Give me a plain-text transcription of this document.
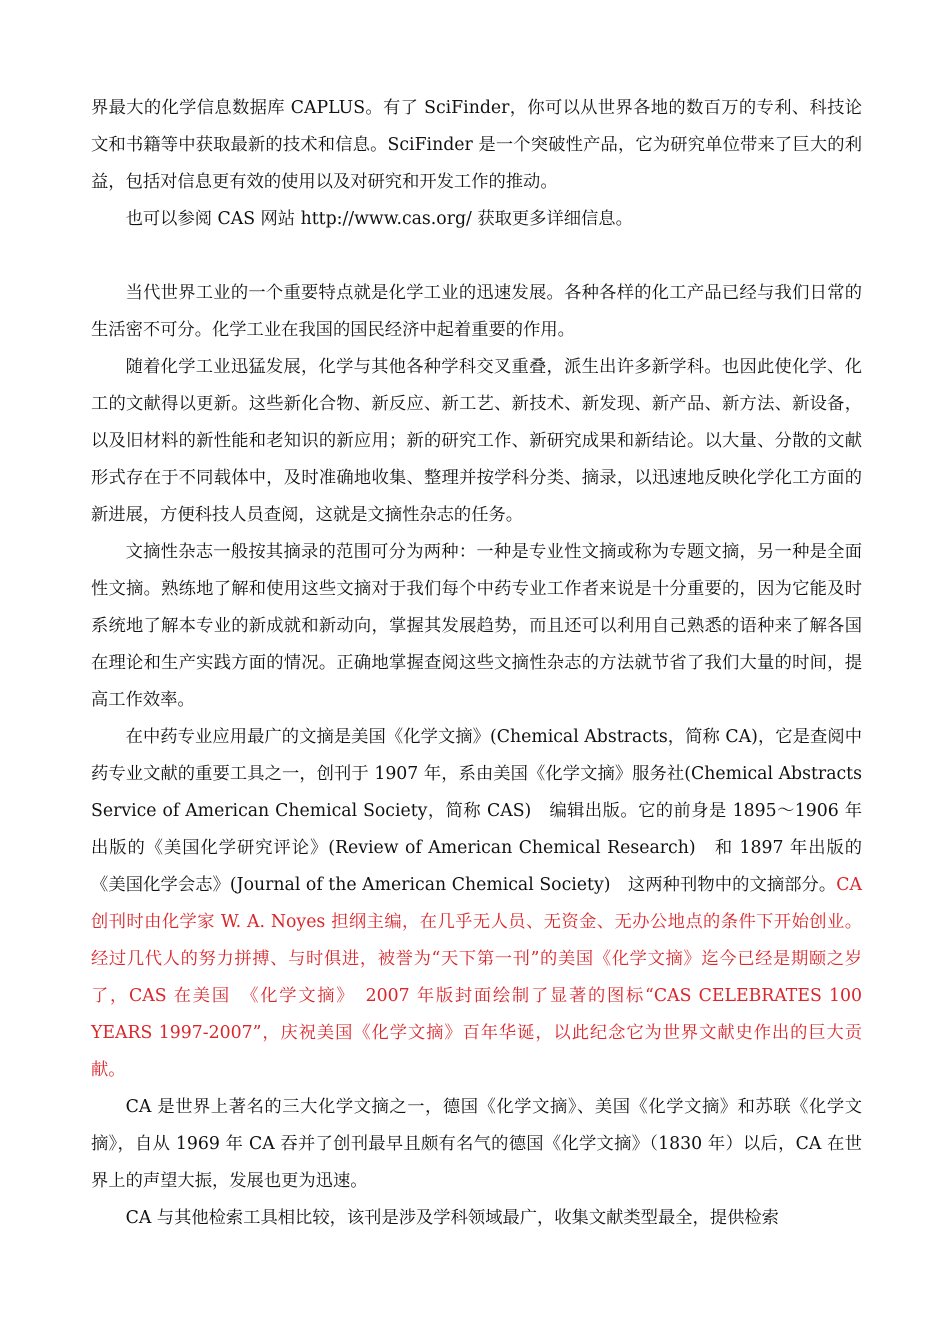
界最大的化学信息数据库 CAPLUS。有了 SciFinder，你可以从世界各地的数百万的专利、科技论文和书籍等中获取最新的技术和信息。SciFinder 是一个突破性产品，它为研究单位带来了巨大的利益，包括对信息更有效的使用以及对研究和开发工作的推动。

也可以参阅 CAS 网站 http://www.cas.org/ 获取更多详细信息。

当代世界工业的一个重要特点就是化学工业的迅速发展。各种各样的化工产品已经与我们日常的生活密不可分。化学工业在我国的国民经济中起着重要的作用。

随着化学工业迅猛发展，化学与其他各种学科交叉重叠，派生出许多新学科。也因此使化学、化工的文献得以更新。这些新化合物、新反应、新工艺、新技术、新发现、新产品、新方法、新设备，以及旧材料的新性能和老知识的新应用；新的研究工作、新研究成果和新结论。以大量、分散的文献形式存在于不同载体中，及时准确地收集、整理并按学科分类、摘录，以迅速地反映化学化工方面的新进展，方便科技人员查阅，这就是文摘性杂志的任务。

文摘性杂志一般按其摘录的范围可分为两种：一种是专业性文摘或称为专题文摘，另一种是全面性文摘。熟练地了解和使用这些文摘对于我们每个中药专业工作者来说是十分重要的，因为它能及时系统地了解本专业的新成就和新动向，掌握其发展趋势，而且还可以利用自己熟悉的语种来了解各国在理论和生产实践方面的情况。正确地掌握查阅这些文摘性杂志的方法就节省了我们大量的时间，提高工作效率。

在中药专业应用最广的文摘是美国《化学文摘》(Chemical Abstracts，简称 CA)，它是查阅中药专业文献的重要工具之一，创刊于 1907 年，系由美国《化学文摘》服务社(Chemical Abstracts Service of American Chemical Society，简称 CAS)　编辑出版。它的前身是 1895～1906 年出版的《美国化学研究评论》(Review of American Chemical Research)　和 1897 年出版的《美国化学会志》(Journal of the American Chemical Society)　这两种刊物中的文摘部分。CA 创刊时由化学家 W. A. Noyes 担纲主编，在几乎无人员、无资金、无办公地点的条件下开始创业。经过几代人的努力拼搏、与时俱进，被誉为“天下第一刊”的美国《化学文摘》迄今已经是期颐之岁了，CAS 在美国　《化学文摘》　2007 年版封面绘制了显著的图标“CAS CELEBRATES 100 YEARS 1997-2007”，庆祝美国《化学文摘》百年华诞，以此纪念它为世界文献史作出的巨大贡献。

CA 是世界上著名的三大化学文摘之一，德国《化学文摘》、美国《化学文摘》和苏联《化学文摘》，自从 1969 年 CA 吞并了创刊最早且颇有名气的德国《化学文摘》（1830 年）以后，CA 在世界上的声望大振，发展也更为迅速。

CA 与其他检索工具相比较，该刊是涉及学科领域最广，收集文献类型最全，提供检索
